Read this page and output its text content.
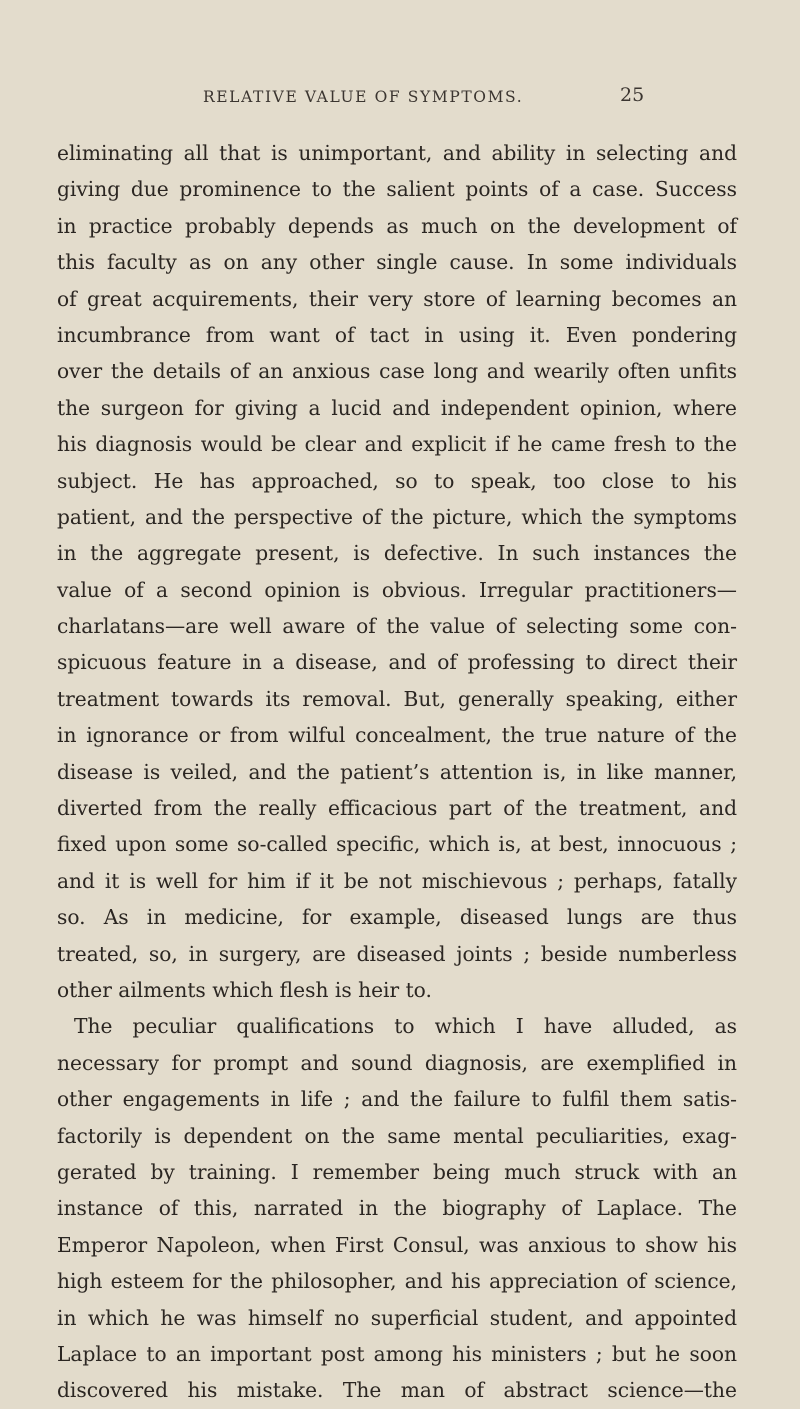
RELATIVE VALUE OF SYMPTOMS.	25
eliminating all that is unimportant, and ability in selecting and
giving due prominence to the salient points of a case. Success
in practice probably depends as much on the development of
this faculty as on any other single cause. In some individuals
of great acquirements, their very store of learning becomes an
incumbrance from want of tact in using it. Even pondering
over the details of an anxious case long and wearily often unfits
the surgeon for giving a lucid and independent opinion, where
his diagnosis would be clear and explicit if he came fresh to the
subject. He has approached, so to speak, too close to his
patient, and the perspective of the picture, which the symptoms
in the aggregate present, is defective. In such instances the
value of a second opinion is obvious. Irregular practitioners—
charlatans—are well aware of the value of selecting some con-
spicuous feature in a disease, and of professing to direct their
treatment towards its removal. But, generally speaking, either
in ignorance or from wilful concealment, the true nature of the
disease is veiled, and the patient’s attention is, in like manner,
diverted from the really efficacious part of the treatment, and
fixed upon some so-called specific, which is, at best, innocuous ;
and it is well for him if it be not mischievous ; perhaps, fatally
so. As in medicine, for example, diseased lungs are thus
treated, so, in surgery, are diseased joints ; beside numberless
other ailments which flesh is heir to.
The peculiar qualifications to which I have alluded, as
necessary for prompt and sound diagnosis, are exemplified in
other engagements in life ; and the failure to fulfil them satis-
factorily is dependent on the same mental peculiarities, exag-
gerated by training. I remember being much struck with an
instance of this, narrated in the biography of Laplace. The
Emperor Napoleon, when First Consul, was anxious to show his
high esteem for the philosopher, and his appreciation of science,
in which he was himself no superficial student, and appointed
Laplace to an important post among his ministers ; but he soon
discovered his mistake. The man of abstract science—the
